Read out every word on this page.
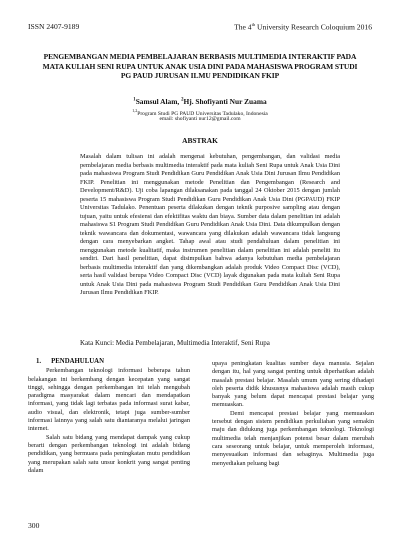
ISSN 2407-9189	The 4th University Research Coloquium 2016
PENGEMBANGAN MEDIA PEMBELAJARAN BERBASIS MULTIMEDIA INTERAKTIF PADA MATA KULIAH SENI RUPA UNTUK ANAK USIA DINI PADA MAHASISWA PROGRAM STUDI PG PAUD JURUSAN ILMU PENDIDIKAN FKIP
$^1$Samsul Alam, $^2$Hj. Shofiyanti Nur Zuama
$^{1,2}$Program Studi PG PAUD Universitas Tadulako, Indonesia
email: shofiyanti nur12@gmail.com
ABSTRAK

Masalah dalam tulisan ini adalah mengenai kebutuhan, pengembangan, dan validasi media pembelajaran media berbasis multimedia interaktif pada mata kuliah Seni Rupa untuk Anak Usia Dini pada mahasiswa Program Studi Pendidikan Guru Pendidikan Anak Usia Dini Jurusan Ilmu Pendidikan FKIP. Penelitian ini menggunakan metode Penelitian dan Pengembangan (Research and Development/R&D). Uji coba lapangan dilaksanakan pada tanggal 24 Oktober 2015 dengan jumlah peserta 15 mahasiswa Program Studi Pendidikan Guru Pendidikan Anak Usia Dini (PGPAUD) FKIP Universitas Tadulako. Penentuan peserta dilakukan dengan teknik purposive sampling atau dengan tujuan, yaitu untuk efesiensi dan efektifitas waktu dan biaya. Sumber data dalam penelitian ini adalah mahasiswa S1 Program Studi Pendidikan Guru Pendidikan Anak Usia Dini. Data dikumpulkan dengan teknik wawancara dan dokumentasi, wawancara yang dilakukan adalah wawancara tidak langsung dengan cara menyebarkan angket. Tahap awal atau studi pendahuluan dalam penelitian ini menggunakan metode kualitatif, maka instrumen penelitian dalam penelitian ini adalah peneliti itu sendiri. Dari hasil penelitian, dapat disimpulkan bahwa adanya kebutuhan media pembelajaran berbasis multimedia interaktif dan yang dikembangkan adalah produk Video Compact Disc (VCD), serta hasil validasi berupa Video Compact Disc (VCD) layak digunakan pada mata kuliah Seni Rupa untuk Anak Usia Dini pada mahasiswa Program Studi Pendidikan Guru Pendidikan Anak Usia Dini Jurusan Ilmu Pendidikan FKIP.

Kata Kunci: Media Pembelajaran, Multimedia Interaktif, Seni Rupa
1. PENDAHULUAN

Perkembangan teknologi informasi beberapa tahun belakangan ini berkembang dengan kecepatan yang sangat tinggi, sehingga dengan perkembangan ini telah mengubah paradigma masyarakat dalam mencari dan mendapatkan informasi, yang tidak lagi terbatas pada informasi surat kabar, audio visual, dan elektronik, tetapi juga sumber-sumber informasi lainnya yang salah satu diantaranya melalui jaringan internet.

Salah satu bidang yang mendapat dampak yang cukup berarti dengan perkembangan teknologi ini adalah bidang pendidikan, yang bermuara pada peningkatan mutu pendidikan yang merupakan salah satu unsur konkrit yang sangat penting dalam

upaya peningkatan kualitas sumber daya manusia. Sejalan dengan itu, hal yang sangat penting untuk diperhatikan adalah masalah prestasi belajar. Masalah umum yang sering dihadapi oleh peserta didik khususnya mahasiswa adalah masih cukup banyak yang belum dapat mencapai prestasi belajar yang memuaskan.

Demi mencapai prestasi belajar yang memuaskan tersebut dengan sistem pendidikan perkuliahan yang semakin maju dan didukung juga perkembangan teknologi. Teknologi multimedia telah menjanjikan potensi besar dalam merubah cara seseorang untuk belajar, untuk memperoleh informasi, menyesuaikan informasi dan sebaginya. Multimedia juga menyediakan peluang bagi

300
